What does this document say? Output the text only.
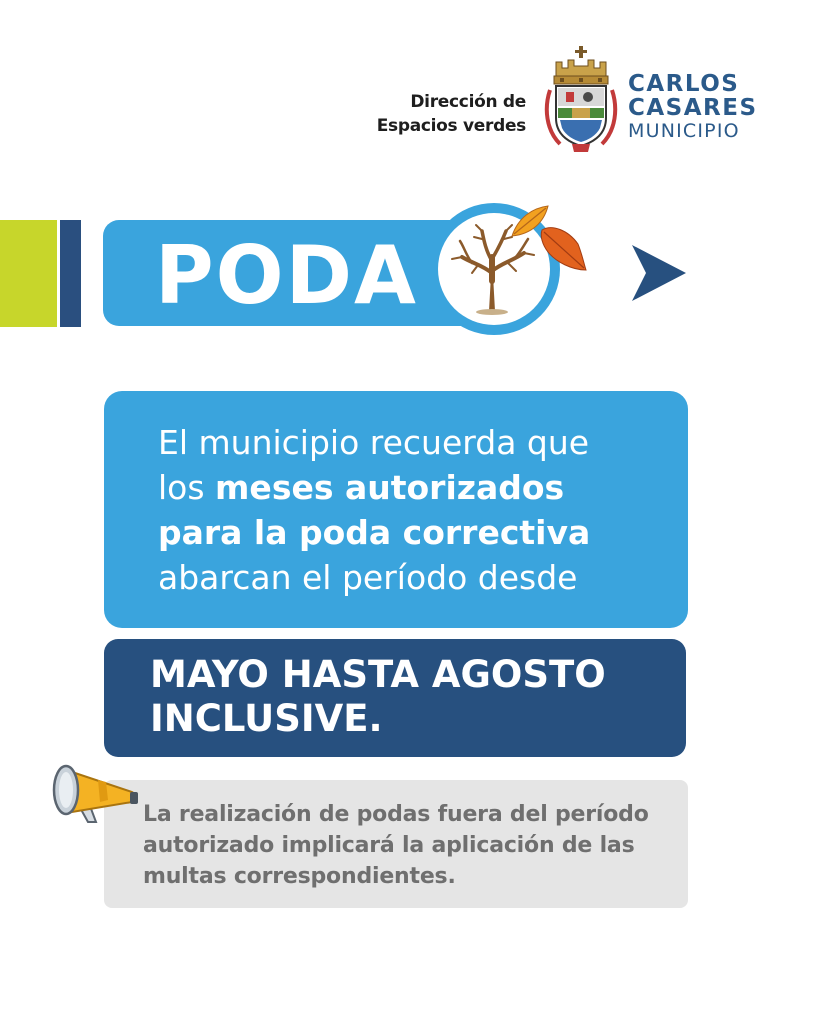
Dirección de
Espacios verdes
CARLOS
CASARES
MUNICIPIO
PODA
El municipio recuerda que
los meses autorizados
para la poda correctiva
abarcan el período desde
MAYO HASTA AGOSTO
INCLUSIVE.
La realización de podas fuera del período
autorizado implicará la aplicación de las
multas correspondientes.
